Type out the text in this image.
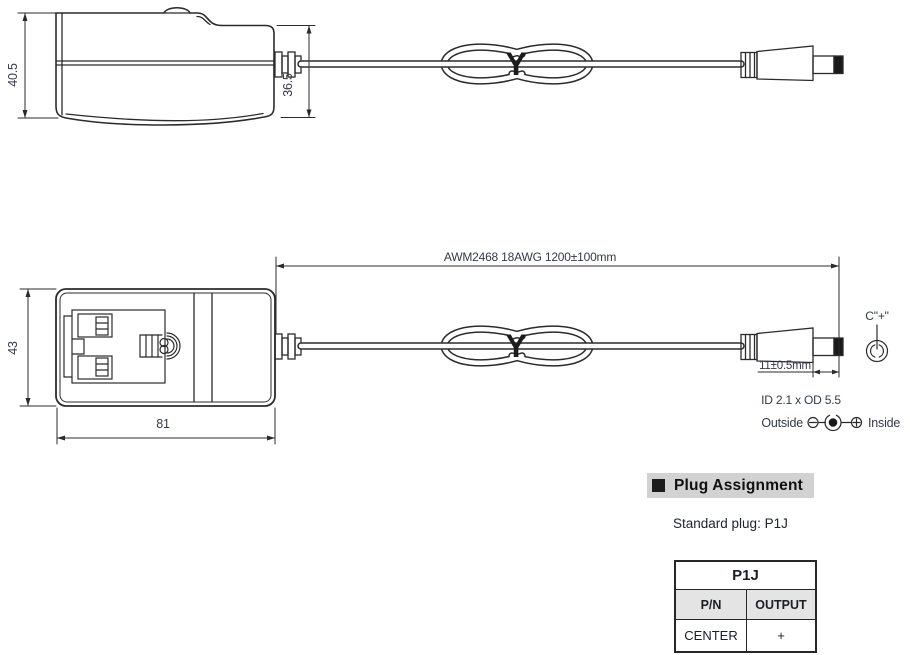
Y
40.5	36.5
Y
AWM2468 18AWG 1200±100mm
43
81
11±0.5mm
ID 2.1 x OD 5.5
Outside	Inside
C"+"
Plug Assignment
Standard plug: P1J
P1J	
P/N	OUTPUT
CENTER	+
